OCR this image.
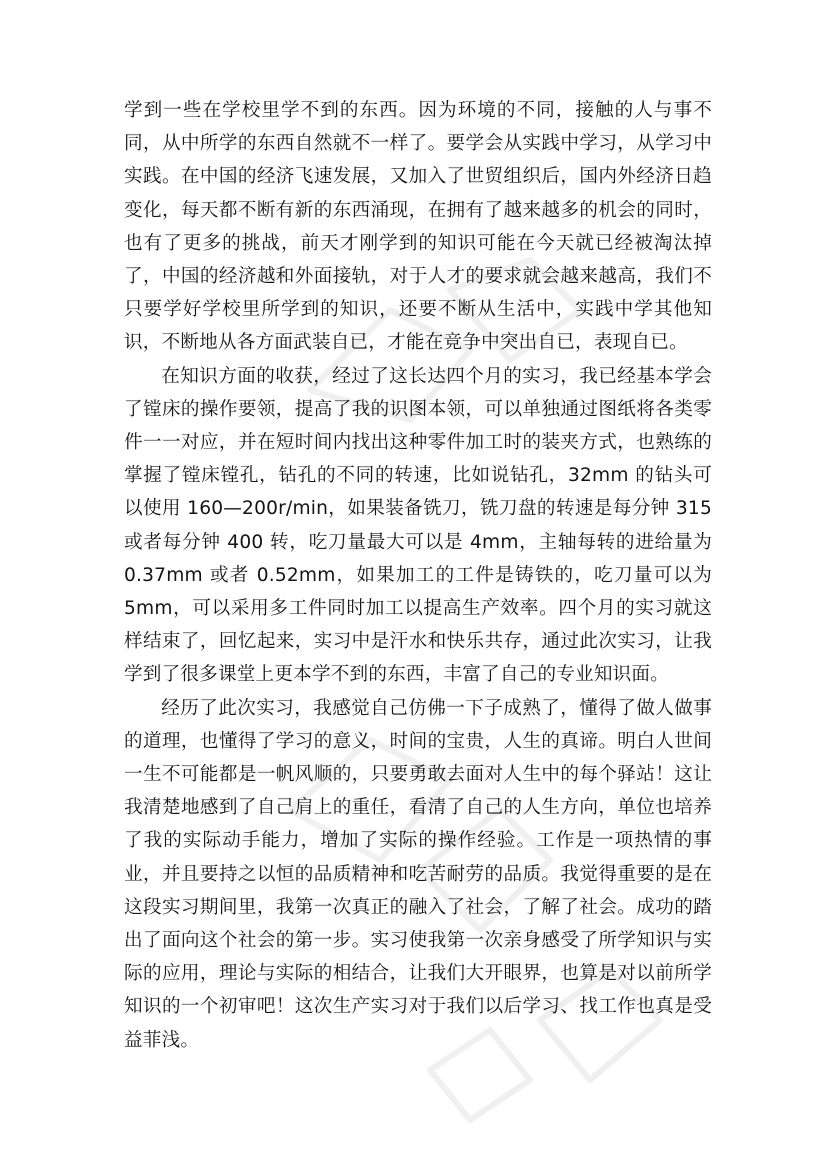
学到一些在学校里学不到的东西。因为环境的不同，接触的人与事不同，从中所学的东西自然就不一样了。要学会从实践中学习，从学习中实践。在中国的经济飞速发展，又加入了世贸组织后，国内外经济日趋变化，每天都不断有新的东西涌现，在拥有了越来越多的机会的同时，也有了更多的挑战，前天才刚学到的知识可能在今天就已经被淘汰掉了，中国的经济越和外面接轨，对于人才的要求就会越来越高，我们不只要学好学校里所学到的知识，还要不断从生活中，实践中学其他知识，不断地从各方面武装自已，才能在竞争中突出自已，表现自已。

在知识方面的收获，经过了这长达四个月的实习，我已经基本学会了镗床的操作要领，提高了我的识图本领，可以单独通过图纸将各类零件一一对应，并在短时间内找出这种零件加工时的装夹方式，也熟练的掌握了镗床镗孔，钻孔的不同的转速，比如说钻孔，32mm 的钻头可以使用 160—200r/min，如果装备铣刀，铣刀盘的转速是每分钟 315 或者每分钟 400 转，吃刀量最大可以是 4mm，主轴每转的进给量为 0.37mm 或者 0.52mm，如果加工的工件是铸铁的，吃刀量可以为 5mm，可以采用多工件同时加工以提高生产效率。四个月的实习就这样结束了，回忆起来，实习中是汗水和快乐共存，通过此次实习，让我学到了很多课堂上更本学不到的东西，丰富了自己的专业知识面。

经历了此次实习，我感觉自己仿佛一下子成熟了，懂得了做人做事的道理，也懂得了学习的意义，时间的宝贵，人生的真谛。明白人世间一生不可能都是一帆风顺的，只要勇敢去面对人生中的每个驿站！这让我清楚地感到了自己肩上的重任，看清了自己的人生方向，单位也培养了我的实际动手能力，增加了实际的操作经验。工作是一项热情的事业，并且要持之以恒的品质精神和吃苦耐劳的品质。我觉得重要的是在这段实习期间里，我第一次真正的融入了社会，了解了社会。成功的踏出了面向这个社会的第一步。实习使我第一次亲身感受了所学知识与实际的应用，理论与实际的相结合，让我们大开眼界，也算是对以前所学知识的一个初审吧！这次生产实习对于我们以后学习、找工作也真是受益菲浅。
